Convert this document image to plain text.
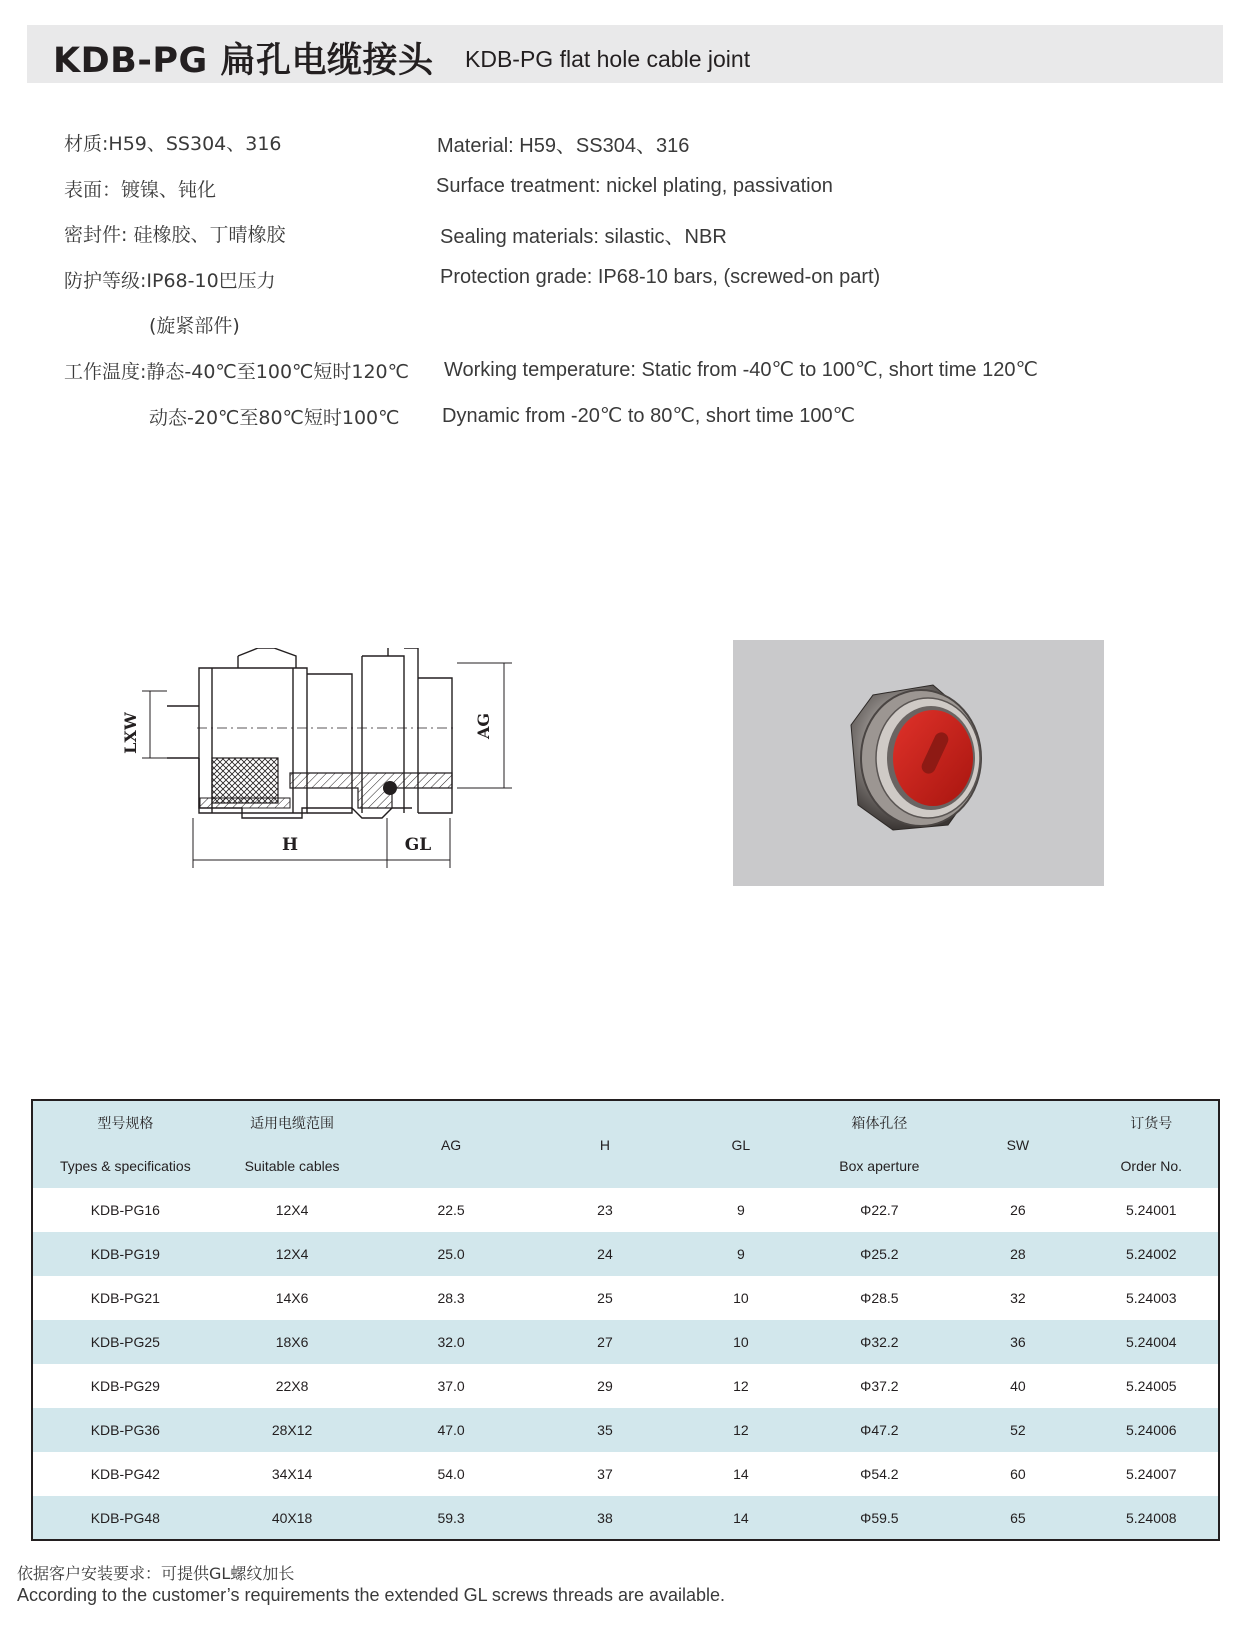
KDB-PG 扁孔电缆接头 KDB-PG flat hole cable joint
材质:H59、SS304、316	Material: H59、SS304、316
表面：镀镍、钝化	Surface treatment: nickel plating, passivation
密封件: 硅橡胶、丁晴橡胶	Sealing materials: silastic、NBR
防护等级:IP68-10巴压力	Protection grade: IP68-10 bars, (screwed-on part)
(旋紧部件)
工作温度:静态-40℃至100℃短时120℃ Working temperature: Static from -40℃ to 100℃, short time 120℃
动态-20℃至80℃短时100℃ Dynamic from -20℃ to 80℃, short time 100℃
LXW	AG
H	GL
型号规格	适用电缆范围	AG	H	GL	箱体孔径	SW	订货号
Types & specificatios	Suitable cables				Box aperture		Order No.
KDB-PG16	12X4	22.5	23	9	Φ22.7	26	5.24001
KDB-PG19	12X4	25.0	24	9	Φ25.2	28	5.24002
KDB-PG21	14X6	28.3	25	10	Φ28.5	32	5.24003
KDB-PG25	18X6	32.0	27	10	Φ32.2	36	5.24004
KDB-PG29	22X8	37.0	29	12	Φ37.2	40	5.24005
KDB-PG36	28X12	47.0	35	12	Φ47.2	52	5.24006
KDB-PG42	34X14	54.0	37	14	Φ54.2	60	5.24007
KDB-PG48	40X18	59.3	38	14	Φ59.5	65	5.24008
依据客户安装要求：可提供GL螺纹加长
According to the customer’s requirements the extended GL screws threads are available.
